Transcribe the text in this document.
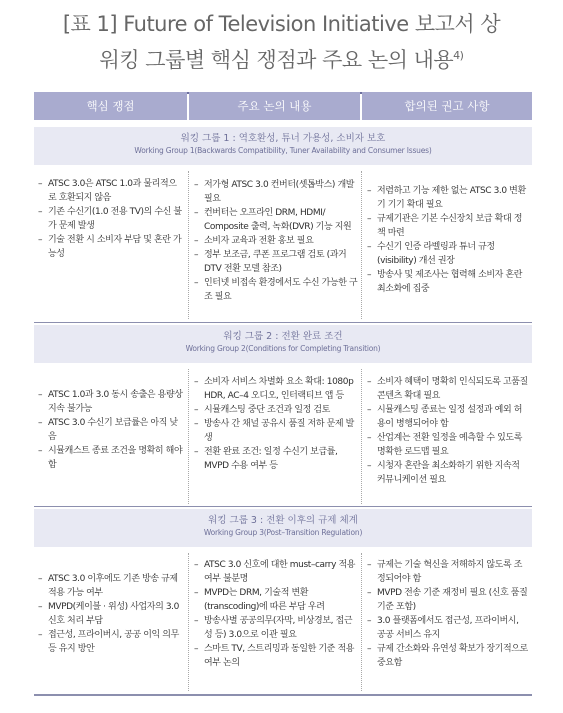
[표 1] Future of Television Initiative 보고서 상
워킹 그룹별 핵심 쟁점과 주요 논의 내용$^{4)}$
핵심 쟁점	주요 논의 내용	합의된 권고 사항
워킹 그룹 1 : 역호환성, 튜너 가용성, 소비자 보호
Working Group 1(Backwards Compatibility, Tuner Availability and Consumer Issues)
– ATSC 3.0은 ATSC 1.0과 물리적으로 호환되지 않음
– 기존 수신기(1.0 전용 TV)의 수신 불가 문제 발생
– 기술 전환 시 소비자 부담 및 혼란 가능성
– 저가형 ATSC 3.0 컨버터(셋톱박스) 개발 필요
– 컨버터는 오프라인 DRM, HDMI/ Composite 출력, 녹화(DVR) 기능 지원
– 소비자 교육과 전환 홍보 필요
– 정부 보조금, 쿠폰 프로그램 검토 (과거 DTV 전환 모델 참조)
– 인터넷 비접속 환경에서도 수신 가능한 구조 필요
– 저렴하고 기능 제한 없는 ATSC 3.0 변환기 기기 확대 필요
– 규제기관은 기본 수신장치 보급 확대 정책 마련
– 수신기 인증 라벨링과 튜너 규정(visibility) 개선 권장
– 방송사 및 제조사는 협력해 소비자 혼란 최소화에 집중
워킹 그룹 2 : 전환 완료 조건
Working Group 2(Conditions for Completing Transition)
– ATSC 1.0과 3.0 동시 송출은 용량상 지속 불가능
– ATSC 3.0 수신기 보급률은 아직 낮음
– 시뮬캐스트 종료 조건을 명확히 해야 함
– 소비자 서비스 차별화 요소 확대: 1080p HDR, AC–4 오디오, 인터랙티브 앱 등
– 시뮬캐스팅 중단 조건과 일정 검토
– 방송사 간 채널 공유시 품질 저하 문제 발생
– 전환 완료 조건: 일정 수신기 보급률, MVPD 수용 여부 등
– 소비자 혜택이 명확히 인식되도록 고품질 콘텐츠 확대 필요
– 시뮬캐스팅 종료는 일정 설정과 예외 허용이 병행되어야 함
– 산업계는 전환 일정을 예측할 수 있도록 명확한 로드맵 필요
– 시청자 혼란을 최소화하기 위한 지속적 커뮤니케이션 필요
워킹 그룹 3 : 전환 이후의 규제 체계
Working Group 3(Post–Transition Regulation)
– ATSC 3.0 이후에도 기존 방송 규제 적용 가능 여부
– MVPD(케이블 · 위성) 사업자의 3.0 신호 처리 부담
– 접근성, 프라이버시, 공공 이익 의무 등 유지 방안
– ATSC 3.0 신호에 대한 must–carry 적용 여부 불분명
– MVPD는 DRM, 기술적 변환(transcoding)에 따른 부담 우려
– 방송사별 공공의무(자막, 비상경보, 접근성 등) 3.0으로 이관 필요
– 스마트 TV, 스트리밍과 동일한 기준 적용 여부 논의
– 규제는 기술 혁신을 저해하지 않도록 조정되어야 함
– MVPD 전송 기준 재정비 필요 (신호 품질 기준 포함)
– 3.0 플랫폼에서도 접근성, 프라이버시, 공공 서비스 유지
– 규제 간소화와 유연성 확보가 장기적으로 중요함
